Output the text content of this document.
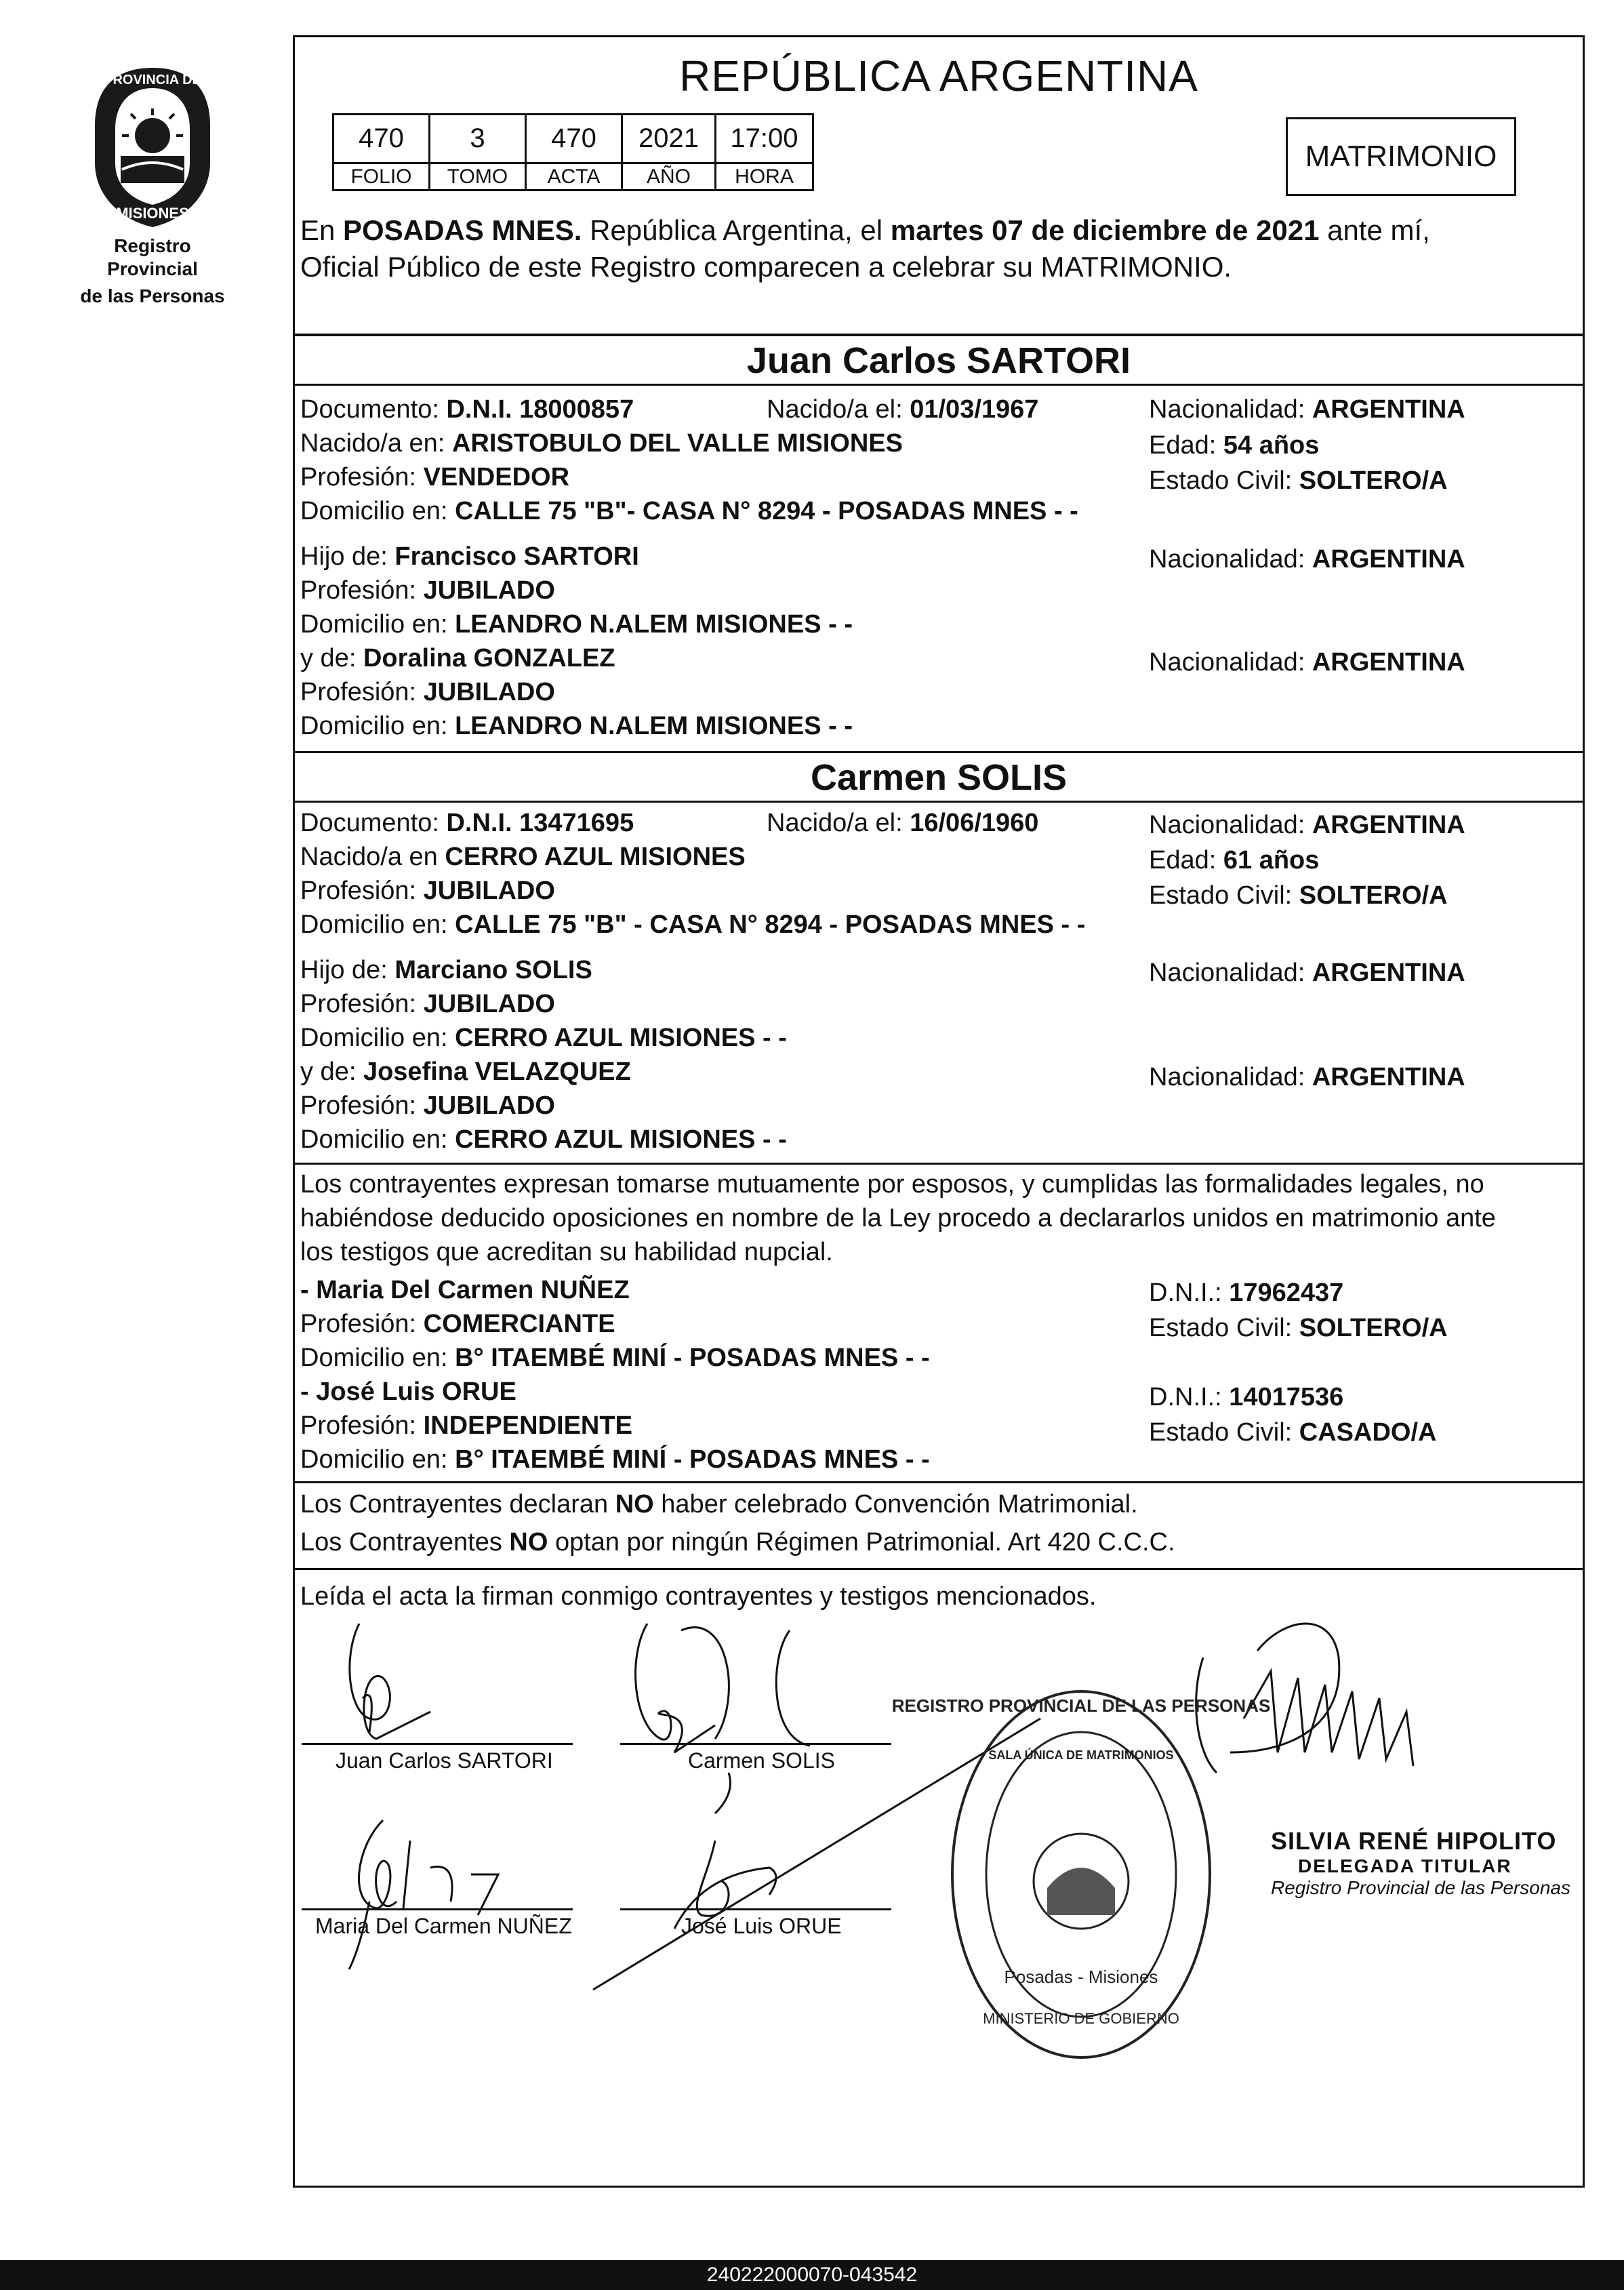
PROVINCIA DE
MISIONES
Registro Provincial
de las Personas
REPÚBLICA ARGENTINA
470	3	470	2021	17:00
FOLIO	TOMO	ACTA	AÑO	HORA
MATRIMONIO
En POSADAS MNES. República Argentina, el martes 07 de diciembre de 2021 ante mí,
Oficial Público de este Registro comparecen a celebrar su MATRIMONIO.
Juan Carlos SARTORI
Documento: D.N.I. 18000857	Nacido/a el: 01/03/1967	Nacionalidad: ARGENTINA
Nacido/a en: ARISTOBULO DEL VALLE MISIONES	Edad: 54 años
Profesión: VENDEDOR	Estado Civil: SOLTERO/A
Domicilio en: CALLE 75 "B"- CASA N° 8294 - POSADAS MNES - -
Hijo de: Francisco SARTORI	Nacionalidad: ARGENTINA
Profesión: JUBILADO
Domicilio en: LEANDRO N.ALEM MISIONES - -
y de: Doralina GONZALEZ	Nacionalidad: ARGENTINA
Profesión: JUBILADO
Domicilio en: LEANDRO N.ALEM MISIONES - -
Carmen SOLIS
Documento: D.N.I. 13471695	Nacido/a el: 16/06/1960	Nacionalidad: ARGENTINA
Nacido/a en CERRO AZUL MISIONES	Edad: 61 años
Profesión: JUBILADO	Estado Civil: SOLTERO/A
Domicilio en: CALLE 75 "B" - CASA N° 8294 - POSADAS MNES - -
Hijo de: Marciano SOLIS	Nacionalidad: ARGENTINA
Profesión: JUBILADO
Domicilio en: CERRO AZUL MISIONES - -
y de: Josefina VELAZQUEZ	Nacionalidad: ARGENTINA
Profesión: JUBILADO
Domicilio en: CERRO AZUL MISIONES - -
Los contrayentes expresan tomarse mutuamente por esposos, y cumplidas las formalidades legales, no
habiéndose deducido oposiciones en nombre de la Ley procedo a declararlos unidos en matrimonio ante
los testigos que acreditan su habilidad nupcial.
- Maria Del Carmen NUÑEZ	D.N.I.: 17962437
Profesión: COMERCIANTE	Estado Civil: SOLTERO/A
Domicilio en: B° ITAEMBÉ MINÍ - POSADAS MNES - -
- José Luis ORUE	D.N.I.: 14017536
Profesión: INDEPENDIENTE	Estado Civil: CASADO/A
Domicilio en: B° ITAEMBÉ MINÍ - POSADAS MNES - -
Los Contrayentes declaran NO haber celebrado Convención Matrimonial.
Los Contrayentes NO optan por ningún Régimen Patrimonial. Art 420 C.C.C.
Leída el acta la firman conmigo contrayentes y testigos mencionados.
Juan Carlos SARTORI	Carmen SOLIS
Maria Del Carmen NUÑEZ	José Luis ORUE
REGISTRO PROVINCIAL DE LAS PERSONAS
SALA ÚNICA DE MATRIMONIOS
Posadas - Misiones
MINISTERIO DE GOBIERNO
SILVIA RENÉ HIPOLITO
DELEGADA TITULAR
Registro Provincial de las Personas
240222000070-043542
